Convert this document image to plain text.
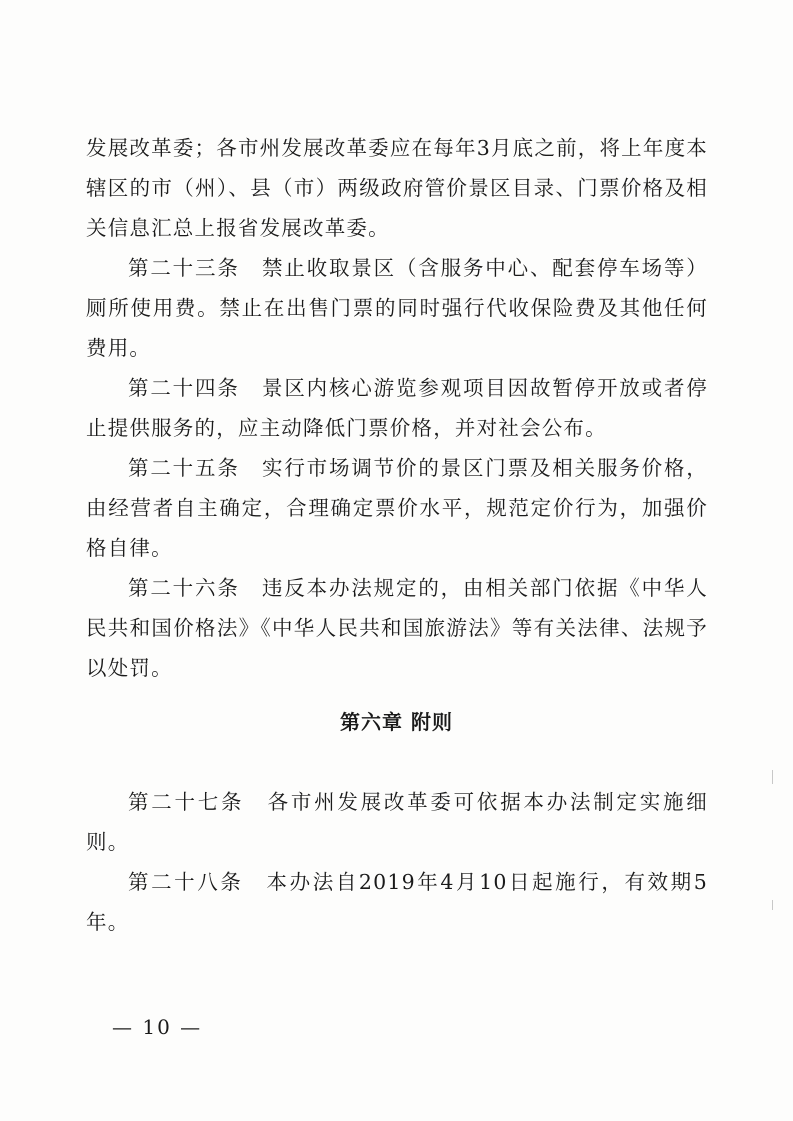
发展改革委；各市州发展改革委应在每年3月底之前，将上年度本辖区的市（州）、县（市）两级政府管价景区目录、门票价格及相关信息汇总上报省发展改革委。

第二十三条　禁止收取景区（含服务中心、配套停车场等）厕所使用费。禁止在出售门票的同时强行代收保险费及其他任何费用。

第二十四条　景区内核心游览参观项目因故暂停开放或者停止提供服务的，应主动降低门票价格，并对社会公布。

第二十五条　实行市场调节价的景区门票及相关服务价格，由经营者自主确定，合理确定票价水平，规范定价行为，加强价格自律。

第二十六条　违反本办法规定的，由相关部门依据《中华人民共和国价格法》《中华人民共和国旅游法》等有关法律、法规予以处罚。

第六章 附则

第二十七条　各市州发展改革委可依据本办法制定实施细则。

第二十八条　本办法自2019年4月10日起施行，有效期5年。

— 10 —
